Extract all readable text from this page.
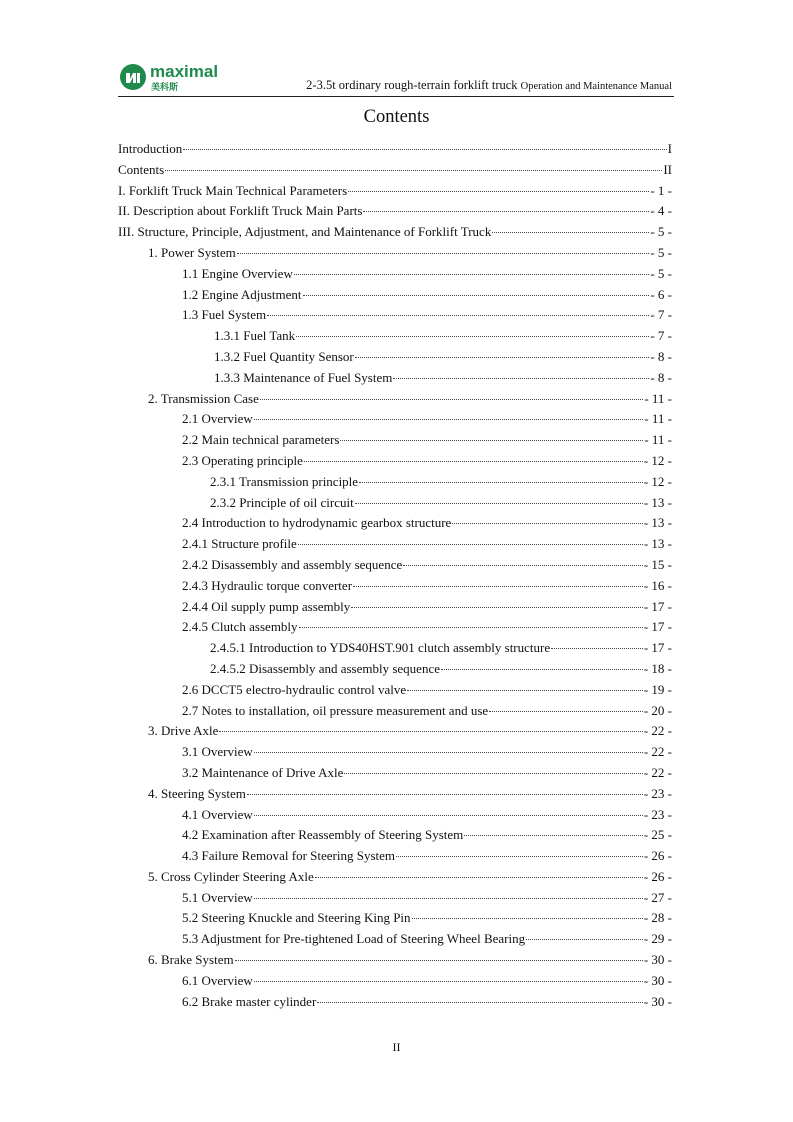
maximal
美科斯	2-3.5t ordinary rough-terrain forklift truck Operation and Maintenance Manual
Contents
Introduction	I
Contents	II
I. Forklift Truck Main Technical Parameters	- 1 -
II. Description about Forklift Truck Main Parts	- 4 -
III. Structure, Principle, Adjustment, and Maintenance of Forklift Truck	- 5 -
1. Power System	- 5 -
1.1 Engine Overview	- 5 -
1.2 Engine Adjustment	- 6 -
1.3 Fuel System	- 7 -
1.3.1 Fuel Tank	- 7 -
1.3.2 Fuel Quantity Sensor	- 8 -
1.3.3 Maintenance of Fuel System	- 8 -
2. Transmission Case	- 11 -
2.1 Overview	- 11 -
2.2 Main technical parameters	- 11 -
2.3 Operating principle	- 12 -
2.3.1 Transmission principle	- 12 -
2.3.2 Principle of oil circuit	- 13 -
2.4 Introduction to hydrodynamic gearbox structure	- 13 -
2.4.1 Structure profile	- 13 -
2.4.2 Disassembly and assembly sequence	- 15 -
2.4.3 Hydraulic torque converter	- 16 -
2.4.4 Oil supply pump assembly	- 17 -
2.4.5 Clutch assembly	- 17 -
2.4.5.1 Introduction to YDS40HST.901 clutch assembly structure	- 17 -
2.4.5.2 Disassembly and assembly sequence	- 18 -
2.6 DCCT5 electro-hydraulic control valve	- 19 -
2.7 Notes to installation, oil pressure measurement and use	- 20 -
3. Drive Axle	- 22 -
3.1 Overview	- 22 -
3.2 Maintenance of Drive Axle	- 22 -
4. Steering System	- 23 -
4.1 Overview	- 23 -
4.2 Examination after Reassembly of Steering System	- 25 -
4.3 Failure Removal for Steering System	- 26 -
5. Cross Cylinder Steering Axle	- 26 -
5.1 Overview	- 27 -
5.2 Steering Knuckle and Steering King Pin	- 28 -
5.3 Adjustment for Pre-tightened Load of Steering Wheel Bearing	- 29 -
6. Brake System	- 30 -
6.1 Overview	- 30 -
6.2 Brake master cylinder	- 30 -
II
